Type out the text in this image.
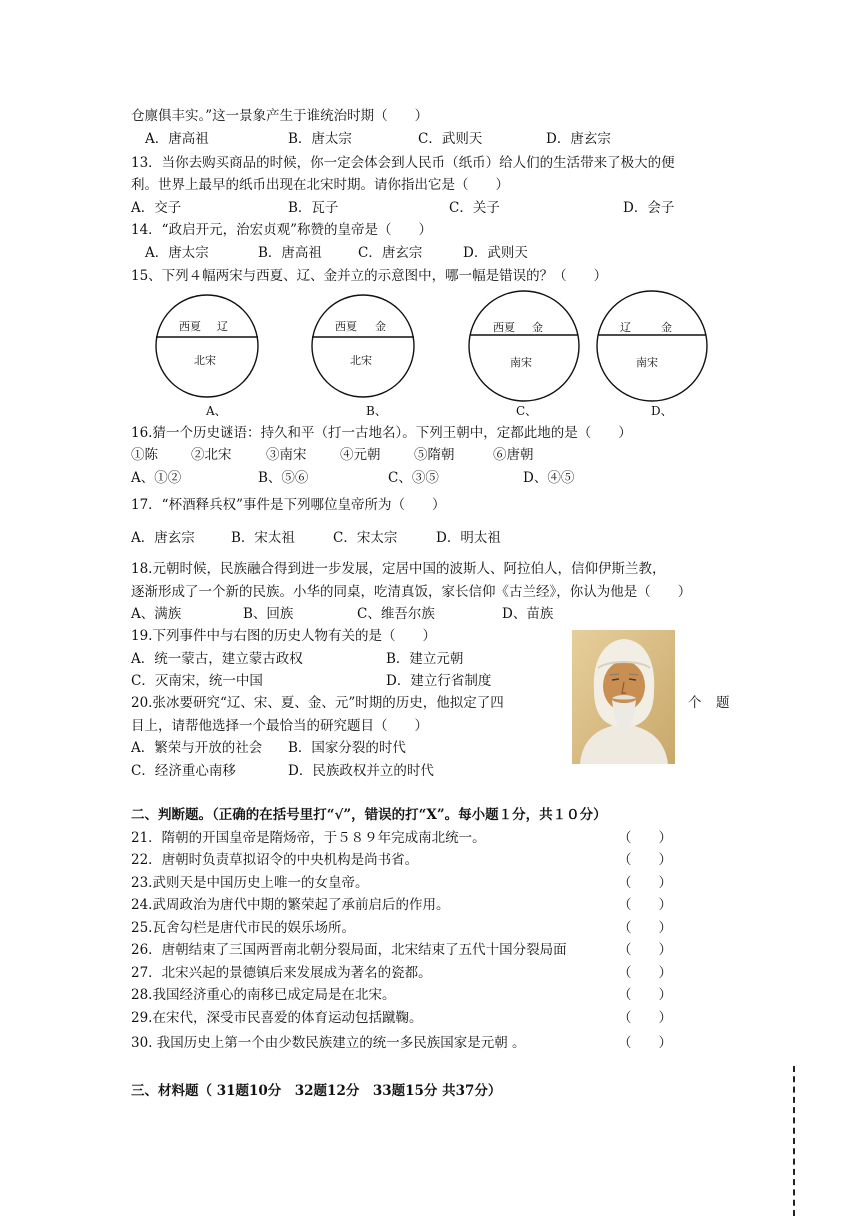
仓廪俱丰实。”这一景象产生于谁统治时期（　　）
A．唐高祖	B．唐太宗	C．武则天	D．唐玄宗
13．当你去购买商品的时候，你一定会体会到人民币（纸币）给人们的生活带来了极大的便
利。世界上最早的纸币出现在北宋时期。请你指出它是（　　）
A．交子	B．瓦子	C．关子	D．会子
14．“政启开元，治宏贞观”称赞的皇帝是（　　）
A．唐太宗	B．唐高祖	C．唐玄宗	D．武则天
15、下列４幅两宋与西夏、辽、金并立的示意图中，哪一幅是错误的？（　　）
西夏 辽
北宋
西夏 金
北宋
西夏 金
南宋
辽	金
南宋
A、	B、	C、	D、
16.猜一个历史谜语：持久和平（打一古地名）。下列王朝中，定都此地的是（　　）
①陈 ②北宋	③南宋 ④元朝 ⑤隋朝	⑥唐朝
A、①②	B、⑤⑥	C、③⑤	D、④⑤
17．“杯酒释兵权”事件是下列哪位皇帝所为（　　）
A．唐玄宗	B．宋太祖	C．宋太宗	D．明太祖
18.元朝时候，民族融合得到进一步发展，定居中国的波斯人、阿拉伯人，信仰伊斯兰教，
逐渐形成了一个新的民族。小华的同桌，吃清真饭，家长信仰《古兰经》，你认为他是（　　）
A、满族	B、回族	C、维吾尔族	D、苗族
19.下列事件中与右图的历史人物有关的是（　　）
A．统一蒙古，建立蒙古政权	B．建立元朝
C．灭南宋，统一中国	D．建立行省制度
20.张冰要研究“辽、宋、夏、金、元”时期的历史，他拟定了四	个 题
目上，请帮他选择一个最恰当的研究题目（　　）
A．繁荣与开放的社会 B．国家分裂的时代
C．经济重心南移	D．民族政权并立的时代
二、判断题。（正确的在括号里打“√”，错误的打“X”。每小题１分，共１０分）
21．隋朝的开国皇帝是隋炀帝，于５８９年完成南北统一。	（　　）
22．唐朝时负责草拟诏令的中央机构是尚书省。	（　　）
23.武则天是中国历史上唯一的女皇帝。	（　　）
24.武周政治为唐代中期的繁荣起了承前启后的作用。	（　　）
25.瓦舍勾栏是唐代市民的娱乐场所。	（　　）
26．唐朝结束了三国两晋南北朝分裂局面，北宋结束了五代十国分裂局面	（　　）
27．北宋兴起的景德镇后来发展成为著名的瓷都。	（　　）
28.我国经济重心的南移已成定局是在北宋。	（　　）
29.在宋代，深受市民喜爱的体育运动包括蹴鞠。	（　　）
30. 我国历史上第一个由少数民族建立的统一多民族国家是元朝 。	（　　）
三、材料题（ 31题10分　32题12分　33题15分 共37分）
